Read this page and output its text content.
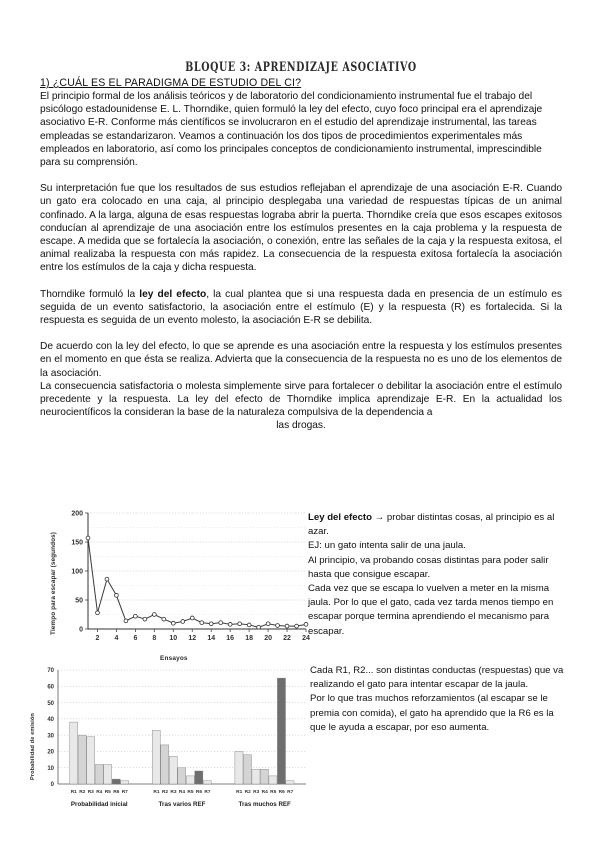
BLOQUE 3: APRENDIZAJE ASOCIATIVO
1) ¿CUÁL ES EL PARADIGMA DE ESTUDIO DEL CI?

El principio formal de los análisis teóricos y de laboratorio del condicionamiento instrumental fue el trabajo del psicólogo estadounidense E. L. Thorndike, quien formuló la ley del efecto, cuyo foco principal era el aprendizaje asociativo E-R. Conforme más científicos se involucraron en el estudio del aprendizaje instrumental, las tareas empleadas se estandarizaron. Veamos a continuación los dos tipos de procedimientos experimentales más empleados en laboratorio, así como los principales conceptos de condicionamiento instrumental, imprescindible para su comprensión.

Su interpretación fue que los resultados de sus estudios reflejaban el aprendizaje de una asociación E-R. Cuando un gato era colocado en una caja, al principio desplegaba una variedad de respuestas típicas de un animal confinado. A la larga, alguna de esas respuestas lograba abrir la puerta. Thorndike creía que esos escapes exitosos conducían al aprendizaje de una asociación entre los estímulos presentes en la caja problema y la respuesta de escape. A medida que se fortalecía la asociación, o conexión, entre las señales de la caja y la respuesta exitosa, el animal realizaba la respuesta con más rapidez. La consecuencia de la respuesta exitosa fortalecía la asociación entre los estímulos de la caja y dicha respuesta.

Thorndike formuló la ley del efecto, la cual plantea que si una respuesta dada en presencia de un estímulo es seguida de un evento satisfactorio, la asociación entre el estímulo (E) y la respuesta (R) es fortalecida. Si la respuesta es seguida de un evento molesto, la asociación E-R se debilita.

De acuerdo con la ley del efecto, lo que se aprende es una asociación entre la respuesta y los estímulos presentes en el momento en que ésta se realiza. Advierta que la consecuencia de la respuesta no es uno de los elementos de la asociación.

La consecuencia satisfactoria o molesta simplemente sirve para fortalecer o debilitar la asociación entre el estímulo precedente y la respuesta. La ley del efecto de Thorndike implica aprendizaje E-R. En la actualidad los neurocientíficos la consideran la base de la naturaleza compulsiva de la dependencia a

las drogas.

Tiempo para escapar (segundos)
Ensayos
0
50
100
150
200
2 4 6 8 10 12 14 16 18 20 22 24
Ley del efecto → probar distintas cosas, al principio es al azar.
EJ: un gato intenta salir de una jaula.
Al principio, va probando cosas distintas para poder salir hasta que consigue escapar.
Cada vez que se escapa lo vuelven a meter en la misma jaula. Por lo que el gato, cada vez tarda menos tiempo en escapar porque termina aprendiendo el mecanismo para escapar.
Probabilidad de emisión
0
10
20
30
40
50
60
70
R1 R2 R3 R4 R5 R6 R7
Probabilidad inicial
R1 R2 R3 R4 R5 R6 R7
Tras varios REF
R1 R2 R3 R4 R5 R6 R7
Tras muchos REF
Cada R1, R2... son distintas conductas (respuestas) que va realizando el gato para intentar escapar de la jaula.
Por lo que tras muchos reforzamientos (al escapar se le premia con comida), el gato ha aprendido que la R6 es la que le ayuda a escapar, por eso aumenta.
